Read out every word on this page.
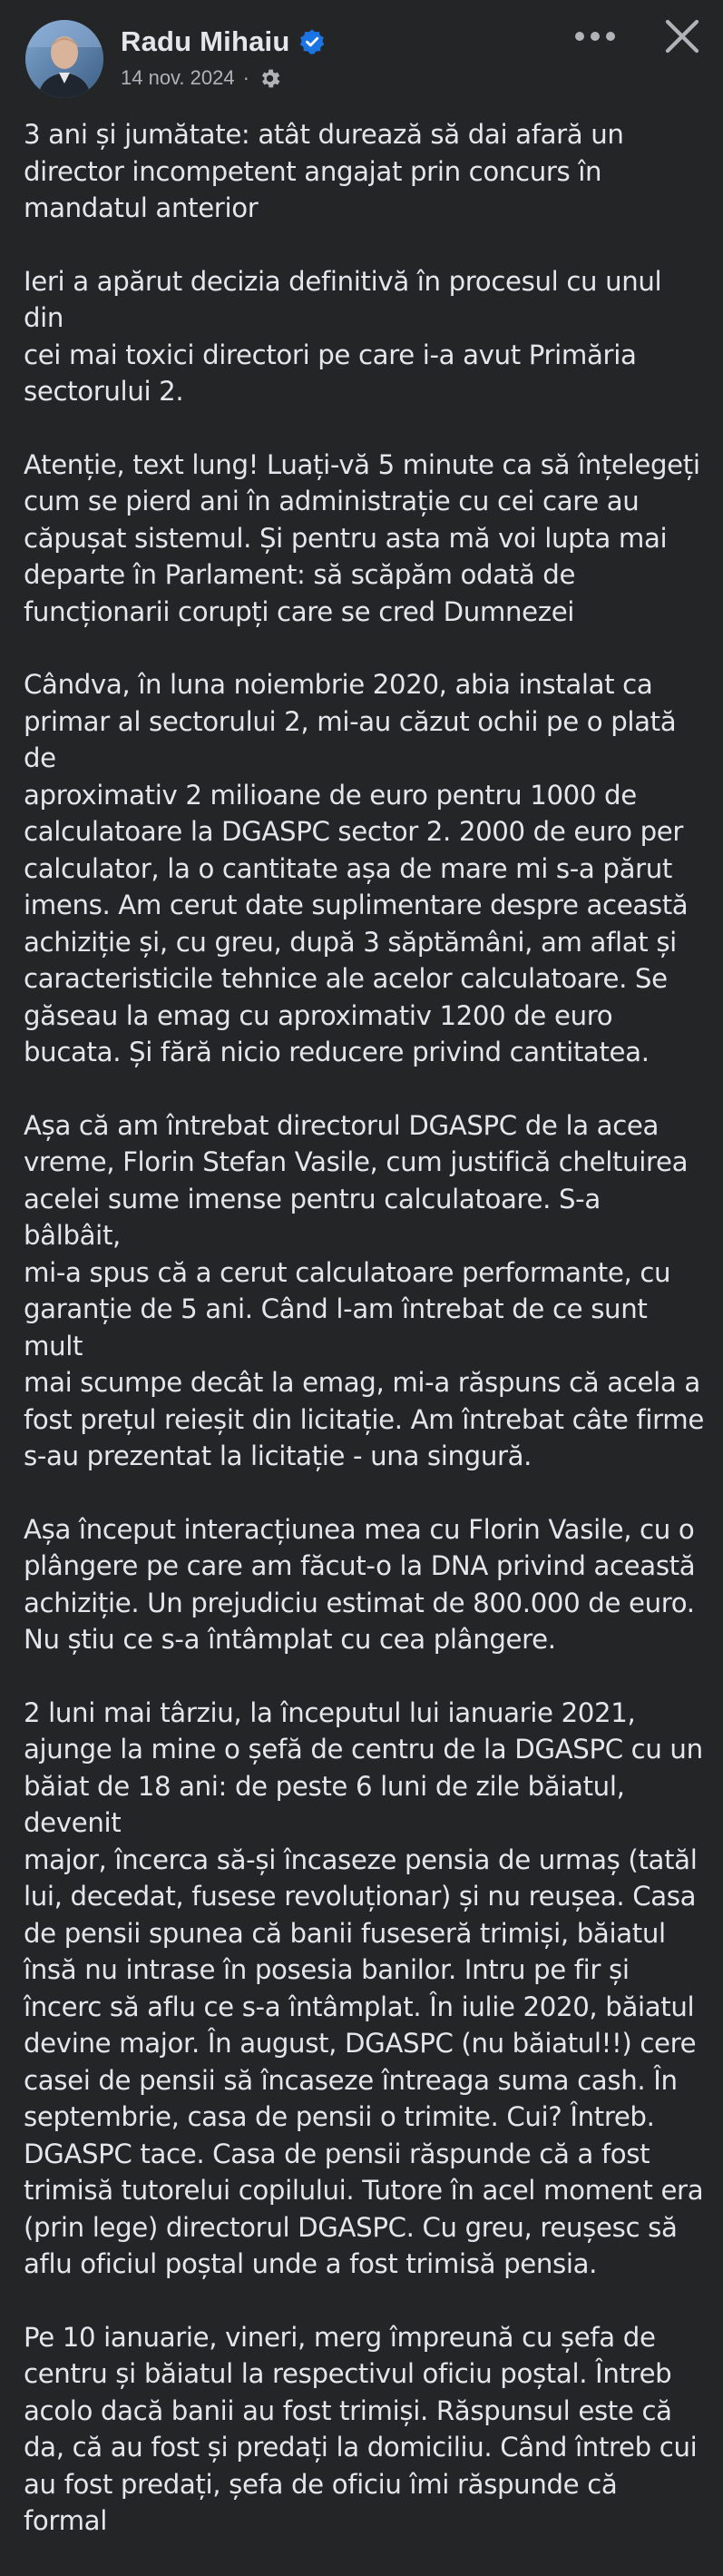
Radu Mihaiu
14 nov. 2024 ·

3 ani și jumătate: atât durează să dai afară un
director incompetent angajat prin concurs în
mandatul anterior

Ieri a apărut decizia definitivă în procesul cu unul din
cei mai toxici directori pe care i-a avut Primăria
sectorului 2.

Atenție, text lung! Luați-vă 5 minute ca să înțelegeți
cum se pierd ani în administrație cu cei care au
căpușat sistemul. Și pentru asta mă voi lupta mai
departe în Parlament: să scăpăm odată de
funcționarii corupți care se cred Dumnezei

Cândva, în luna noiembrie 2020, abia instalat ca
primar al sectorului 2, mi-au căzut ochii pe o plată de
aproximativ 2 milioane de euro pentru 1000 de
calculatoare la DGASPC sector 2. 2000 de euro per
calculator, la o cantitate așa de mare mi s-a părut
imens. Am cerut date suplimentare despre această
achiziție și, cu greu, după 3 săptămâni, am aflat și
caracteristicile tehnice ale acelor calculatoare. Se
găseau la emag cu aproximativ 1200 de euro
bucata. Și fără nicio reducere privind cantitatea.

Așa că am întrebat directorul DGASPC de la acea
vreme, Florin Stefan Vasile, cum justifică cheltuirea
acelei sume imense pentru calculatoare. S-a bâlbâit,
mi-a spus că a cerut calculatoare performante, cu
garanție de 5 ani. Când l-am întrebat de ce sunt mult
mai scumpe decât la emag, mi-a răspuns că acela a
fost prețul reieșit din licitație. Am întrebat câte firme
s-au prezentat la licitație - una singură.

Așa început interacțiunea mea cu Florin Vasile, cu o
plângere pe care am făcut-o la DNA privind această
achiziție. Un prejudiciu estimat de 800.000 de euro.
Nu știu ce s-a întâmplat cu cea plângere.

2 luni mai târziu, la începutul lui ianuarie 2021,
ajunge la mine o șefă de centru de la DGASPC cu un
băiat de 18 ani: de peste 6 luni de zile băiatul, devenit
major, încerca să-și încaseze pensia de urmaș (tatăl
lui, decedat, fusese revoluționar) și nu reușea. Casa
de pensii spunea că banii fuseseră trimiși, băiatul
însă nu intrase în posesia banilor. Intru pe fir și
încerc să aflu ce s-a întâmplat. În iulie 2020, băiatul
devine major. În august, DGASPC (nu băiatul!!) cere
casei de pensii să încaseze întreaga suma cash. În
septembrie, casa de pensii o trimite. Cui? Întreb.
DGASPC tace. Casa de pensii răspunde că a fost
trimisă tutorelui copilului. Tutore în acel moment era
(prin lege) directorul DGASPC. Cu greu, reușesc să
aflu oficiul poștal unde a fost trimisă pensia.

Pe 10 ianuarie, vineri, merg împreună cu șefa de
centru și băiatul la respectivul oficiu poștal. Întreb
acolo dacă banii au fost trimiși. Răspunsul este că
da, că au fost și predați la domiciliu. Când întreb cui
au fost predați, șefa de oficiu îmi răspunde că formal
